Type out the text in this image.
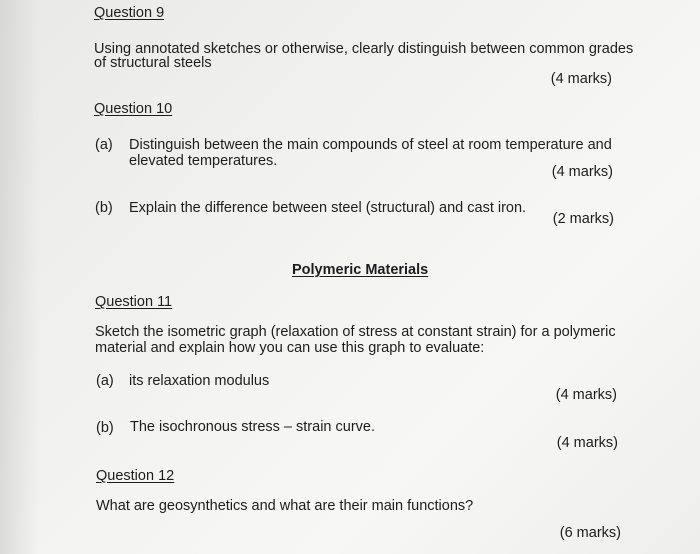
Question 9
Using annotated sketches or otherwise, clearly distinguish between common grades
of structural steels
(4 marks)
Question 10
(a) Distinguish between the main compounds of steel at room temperature and
elevated temperatures.
(4 marks)
(b) Explain the difference between steel (structural) and cast iron.
(2 marks)
Polymeric Materials
Question 11
Sketch the isometric graph (relaxation of stress at constant strain) for a polymeric
material and explain how you can use this graph to evaluate:
(a) its relaxation modulus
(4 marks)
(b) The isochronous stress – strain curve.
(4 marks)
Question 12
What are geosynthetics and what are their main functions?
(6 marks)
